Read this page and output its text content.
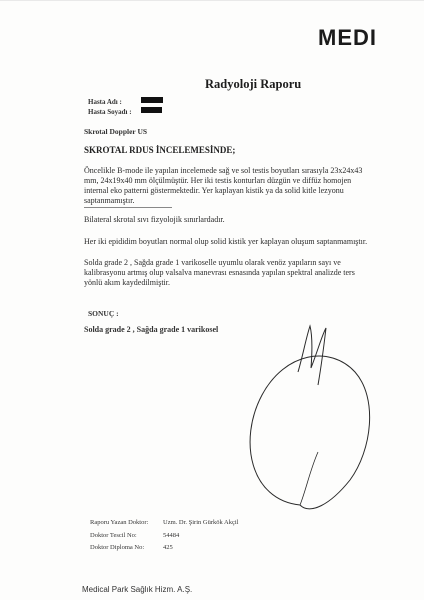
MEDI
Radyoloji Raporu
Hasta Adı :
Hasta Soyadı :
Skrotal Doppler US
SKROTAL RDUS İNCELEMESİNDE;
Öncelikle B-mode ile yapılan incelemede sağ ve sol testis boyutları sırasıyla 23x24x43 mm, 24x19x40 mm ölçülmüştür. Her iki testis konturları düzgün ve diffüz homojen internal eko patterni göstermektedir. Yer kaplayan kistik ya da solid kitle lezyonu saptanmamıştır.
Bilateral skrotal sıvı fizyolojik sınırlardadır.
Her iki epididim boyutları normal olup solid kistik yer kaplayan oluşum saptanmamıştır.
Solda grade 2 , Sağda grade 1 varikoselle uyumlu olarak venöz yapıların sayı ve kalibrasyonu artmış olup valsalva manevrası esnasında yapılan spektral analizde ters yönlü akım kaydedilmiştir.
SONUÇ :
Solda grade 2 , Sağda grade 1 varikosel

Raporu Yazan Doktor: Uzm. Dr. Şirin Gürkök Akçil
Doktor Tescil No:	54484
Doktor Diploma No:	425
Medical Park Sağlık Hizm. A.Ş.
